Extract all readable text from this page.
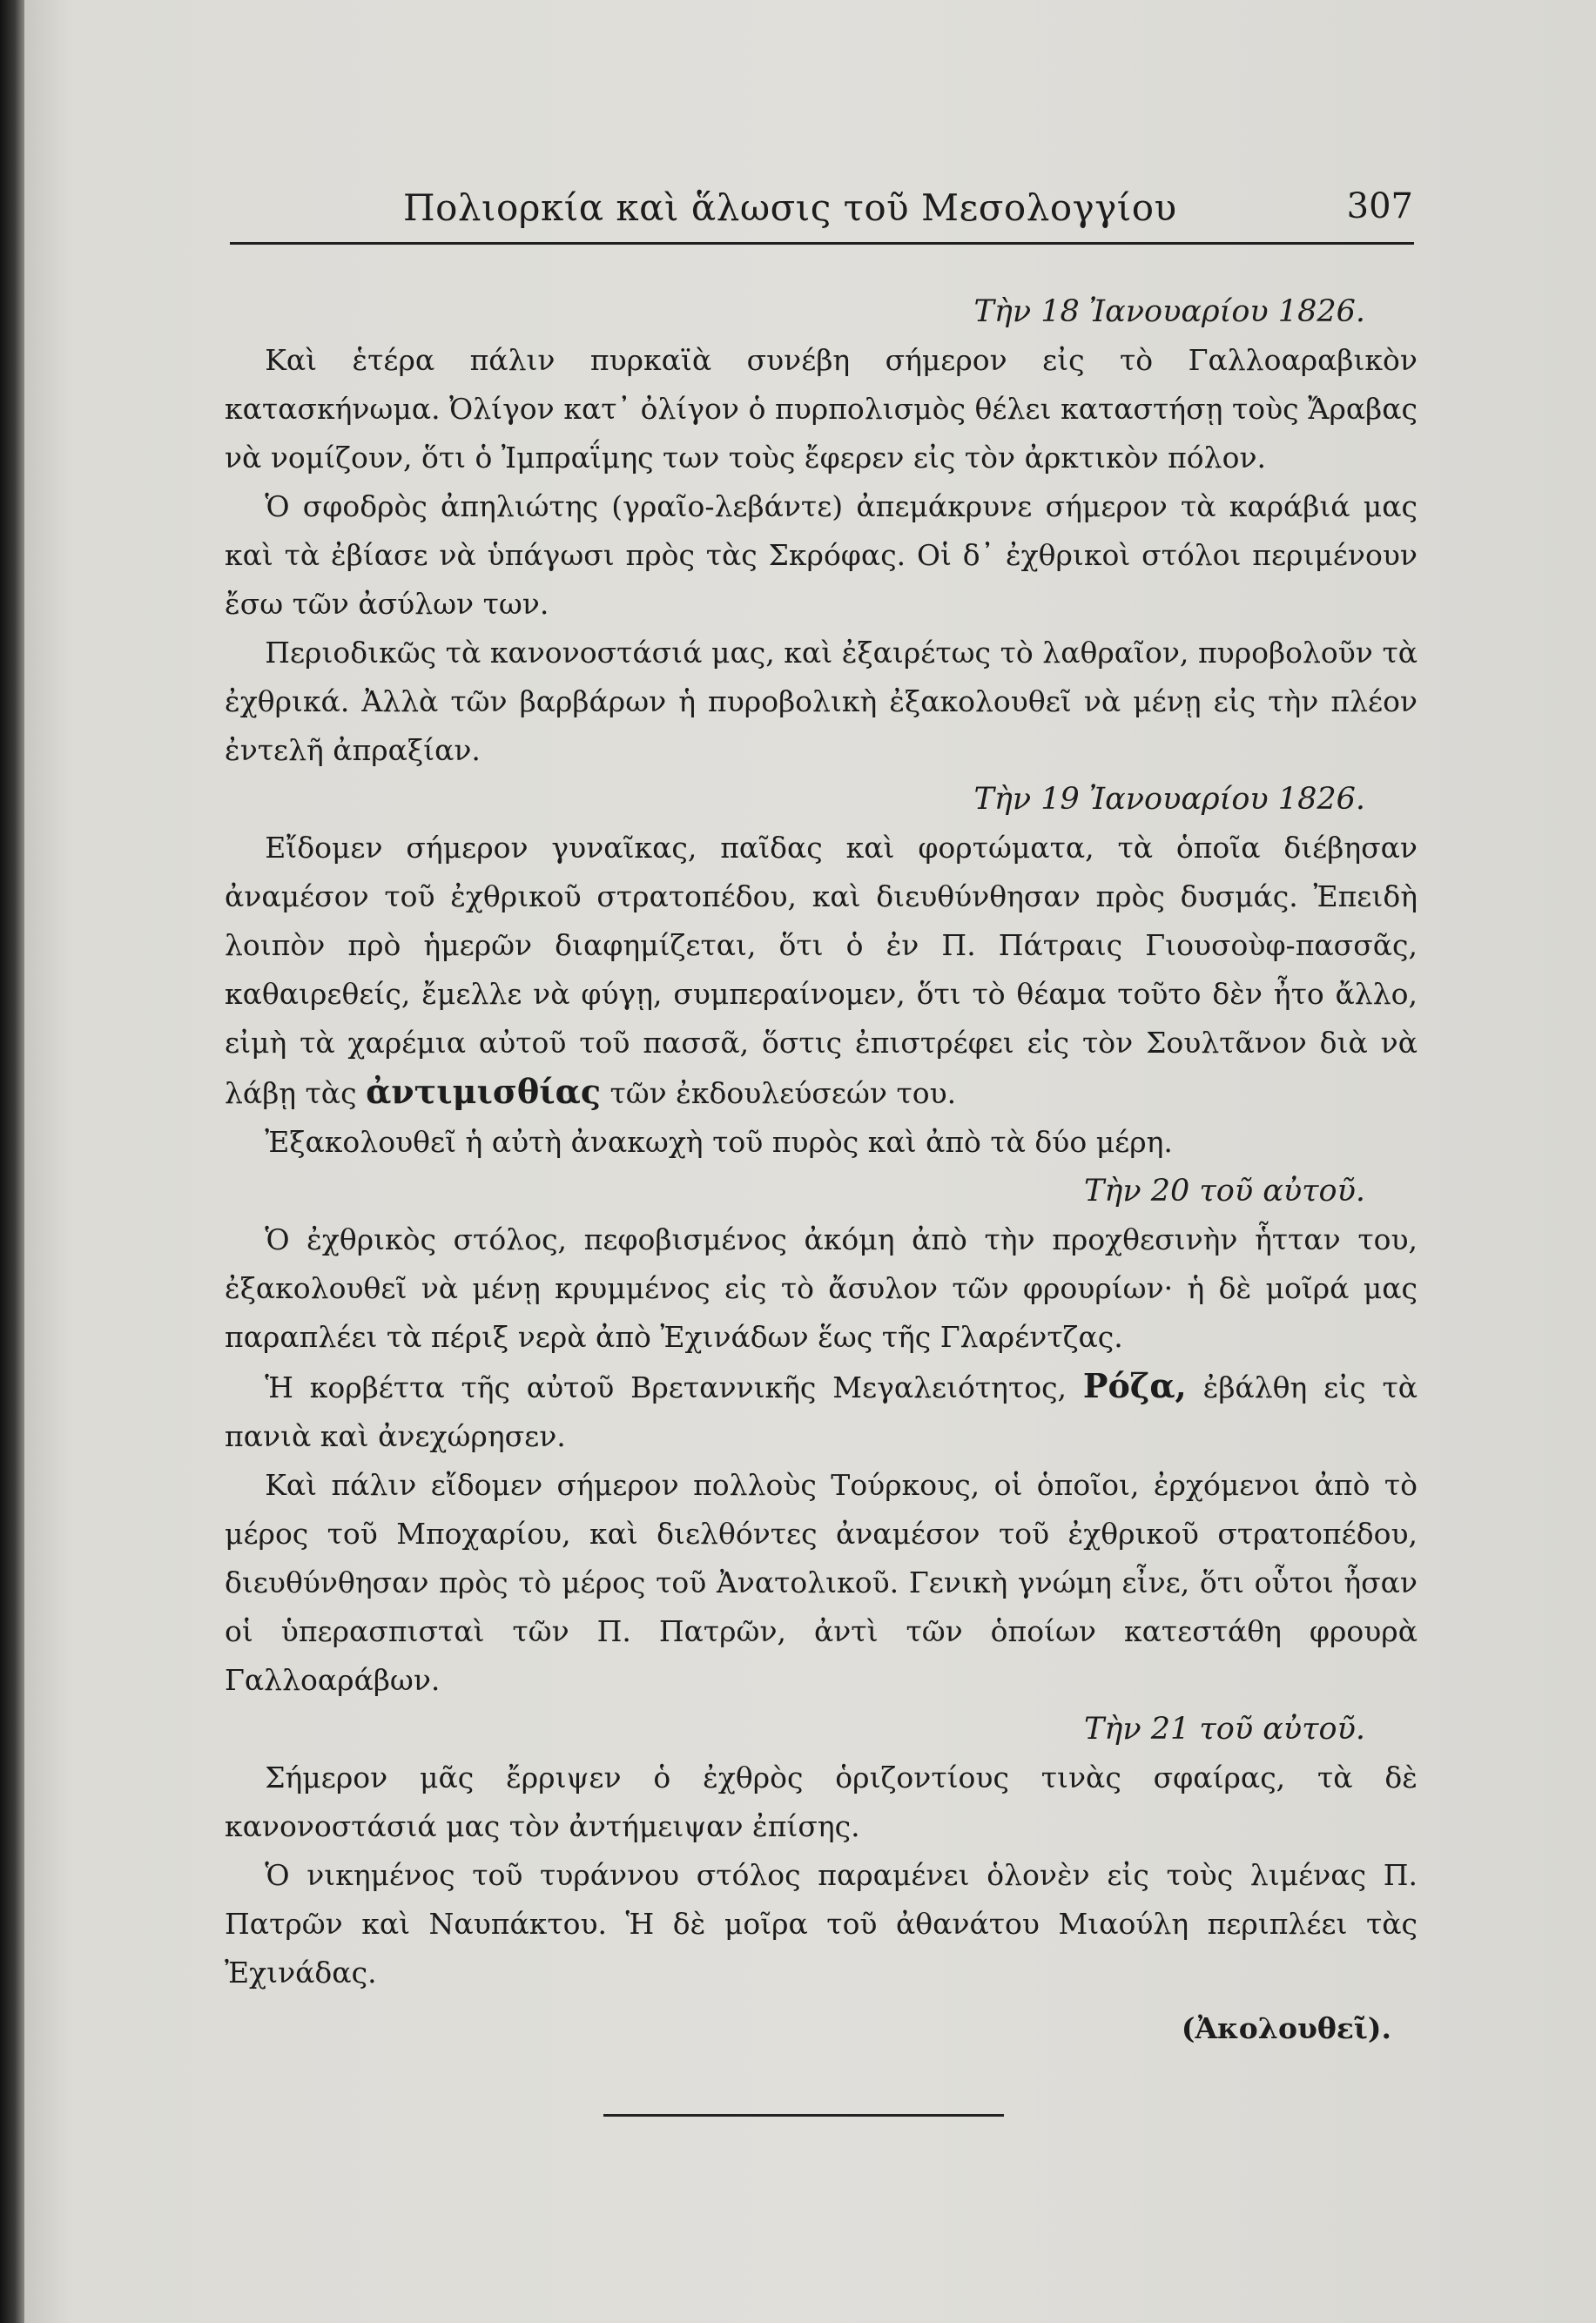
Πολιορκία καὶ ἅλωσις τοῦ Μεσολογγίου	307

Τὴν 18 Ἰανουαρίου 1826.

Καὶ ἑτέρα πάλιν πυρκαϊὰ συνέβη σήμερον εἰς τὸ Γαλλοαραβικὸν κατασκήνωμα. Ὀλίγον κατ᾽ ὀλίγον ὁ πυρπολισμὸς θέλει καταστήσῃ τοὺς Ἄραβας νὰ νομίζουν, ὅτι ὁ Ἰμπραΐμης των τοὺς ἔφερεν εἰς τὸν ἀρκτικὸν πόλον.

Ὁ σφοδρὸς ἀπηλιώτης (γραῖο-λεβάντε) ἀπεμάκρυνε σήμερον τὰ καράβιά μας καὶ τὰ ἐβίασε νὰ ὑπάγωσι πρὸς τὰς Σκρόφας. Οἱ δ᾽ ἐχθρικοὶ στόλοι περιμένουν ἔσω τῶν ἀσύλων των.

Περιοδικῶς τὰ κανονοστάσιά μας, καὶ ἐξαιρέτως τὸ λαθραῖον, πυροβολοῦν τὰ ἐχθρικά. Ἀλλὰ τῶν βαρβάρων ἡ πυροβολικὴ ἐξακολουθεῖ νὰ μένῃ εἰς τὴν πλέον ἐντελῆ ἀπραξίαν.

Τὴν 19 Ἰανουαρίου 1826.

Εἴδομεν σήμερον γυναῖκας, παῖδας καὶ φορτώματα, τὰ ὁποῖα διέβησαν ἀναμέσον τοῦ ἐχθρικοῦ στρατοπέδου, καὶ διευθύνθησαν πρὸς δυσμάς. Ἐπειδὴ λοιπὸν πρὸ ἡμερῶν διαφημίζεται, ὅτι ὁ ἐν Π. Πάτραις Γιουσοὺφ-πασσᾶς, καθαιρεθείς, ἔμελλε νὰ φύγῃ, συμπεραίνομεν, ὅτι τὸ θέαμα τοῦτο δὲν ἦτο ἄλλο, εἰμὴ τὰ χαρέμια αὐτοῦ τοῦ πασσᾶ, ὅστις ἐπιστρέφει εἰς τὸν Σουλτᾶνον διὰ νὰ λάβῃ τὰς ἀντιμισθίας τῶν ἐκδουλεύσεών του.

Ἐξακολουθεῖ ἡ αὐτὴ ἀνακωχὴ τοῦ πυρὸς καὶ ἀπὸ τὰ δύο μέρη.

Τὴν 20 τοῦ αὐτοῦ.

Ὁ ἐχθρικὸς στόλος, πεφοβισμένος ἀκόμη ἀπὸ τὴν προχθεσινὴν ἧτταν του, ἐξακολουθεῖ νὰ μένῃ κρυμμένος εἰς τὸ ἄσυλον τῶν φρουρίων· ἡ δὲ μοῖρά μας παραπλέει τὰ πέριξ νερὰ ἀπὸ Ἐχινάδων ἕως τῆς Γλαρέντζας.

Ἡ κορβέττα τῆς αὐτοῦ Βρεταννικῆς Μεγαλειότητος, Ρόζα, ἐβάλθη εἰς τὰ πανιὰ καὶ ἀνεχώρησεν.

Καὶ πάλιν εἴδομεν σήμερον πολλοὺς Τούρκους, οἱ ὁποῖοι, ἐρχόμενοι ἀπὸ τὸ μέρος τοῦ Μποχαρίου, καὶ διελθόντες ἀναμέσον τοῦ ἐχθρικοῦ στρατοπέδου, διευθύνθησαν πρὸς τὸ μέρος τοῦ Ἀνατολικοῦ. Γενικὴ γνώμη εἶνε, ὅτι οὗτοι ἦσαν οἱ ὑπερασπισταὶ τῶν Π. Πατρῶν, ἀντὶ τῶν ὁποίων κατεστάθη φρουρὰ Γαλλοαράβων.

Τὴν 21 τοῦ αὐτοῦ.

Σήμερον μᾶς ἔρριψεν ὁ ἐχθρὸς ὁριζοντίους τινὰς σφαίρας, τὰ δὲ κανονοστάσιά μας τὸν ἀντήμειψαν ἐπίσης.

Ὁ νικημένος τοῦ τυράννου στόλος παραμένει ὁλονὲν εἰς τοὺς λιμένας Π. Πατρῶν καὶ Ναυπάκτου. Ἡ δὲ μοῖρα τοῦ ἀθανάτου Μιαούλη περιπλέει τὰς Ἐχινάδας.

(Ἀκολουθεῖ).
